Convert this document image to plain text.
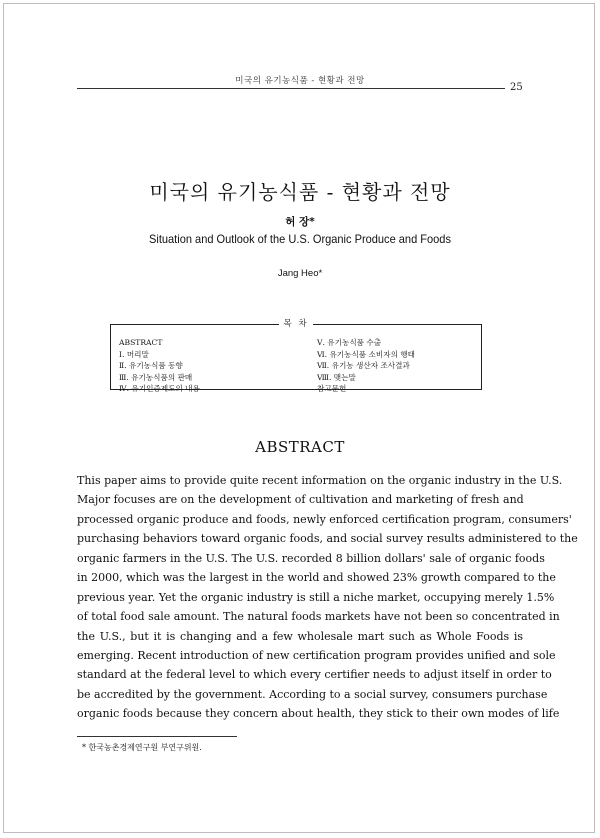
미국의 유기농식품 - 현황과 전망
25
미국의 유기농식품 - 현황과 전망
허 장*
Situation and Outlook of the U.S. Organic Produce and Foods
Jang Heo*
목 차
ABSTRACT
Ⅰ. 머리말
Ⅱ. 유기농식품 동향
Ⅲ. 유기농식품의 판매
Ⅳ. 유기인증제도의 내용
Ⅴ. 유기농식품 수출
Ⅵ. 유기농식품 소비자의 행태
Ⅶ. 유기농 생산자 조사결과
Ⅷ. 맺는말
참고문헌
ABSTRACT
This paper aims to provide quite recent information on the organic industry in the U.S.
Major focuses are on the development of cultivation and marketing of fresh and
processed organic produce and foods, newly enforced certification program, consumers'
purchasing behaviors toward organic foods, and social survey results administered to the
organic farmers in the U.S. The U.S. recorded 8 billion dollars' sale of organic foods
in 2000, which was the largest in the world and showed 23% growth compared to the
previous year. Yet the organic industry is still a niche market, occupying merely 1.5%
of total food sale amount. The natural foods markets have not been so concentrated in
the U.S., but it is changing and a few wholesale mart such as Whole Foods is
emerging. Recent introduction of new certification program provides unified and sole
standard at the federal level to which every certifier needs to adjust itself in order to
be accredited by the government. According to a social survey, consumers purchase
organic foods because they concern about health, they stick to their own modes of life
* 한국농촌경제연구원 부연구위원.
